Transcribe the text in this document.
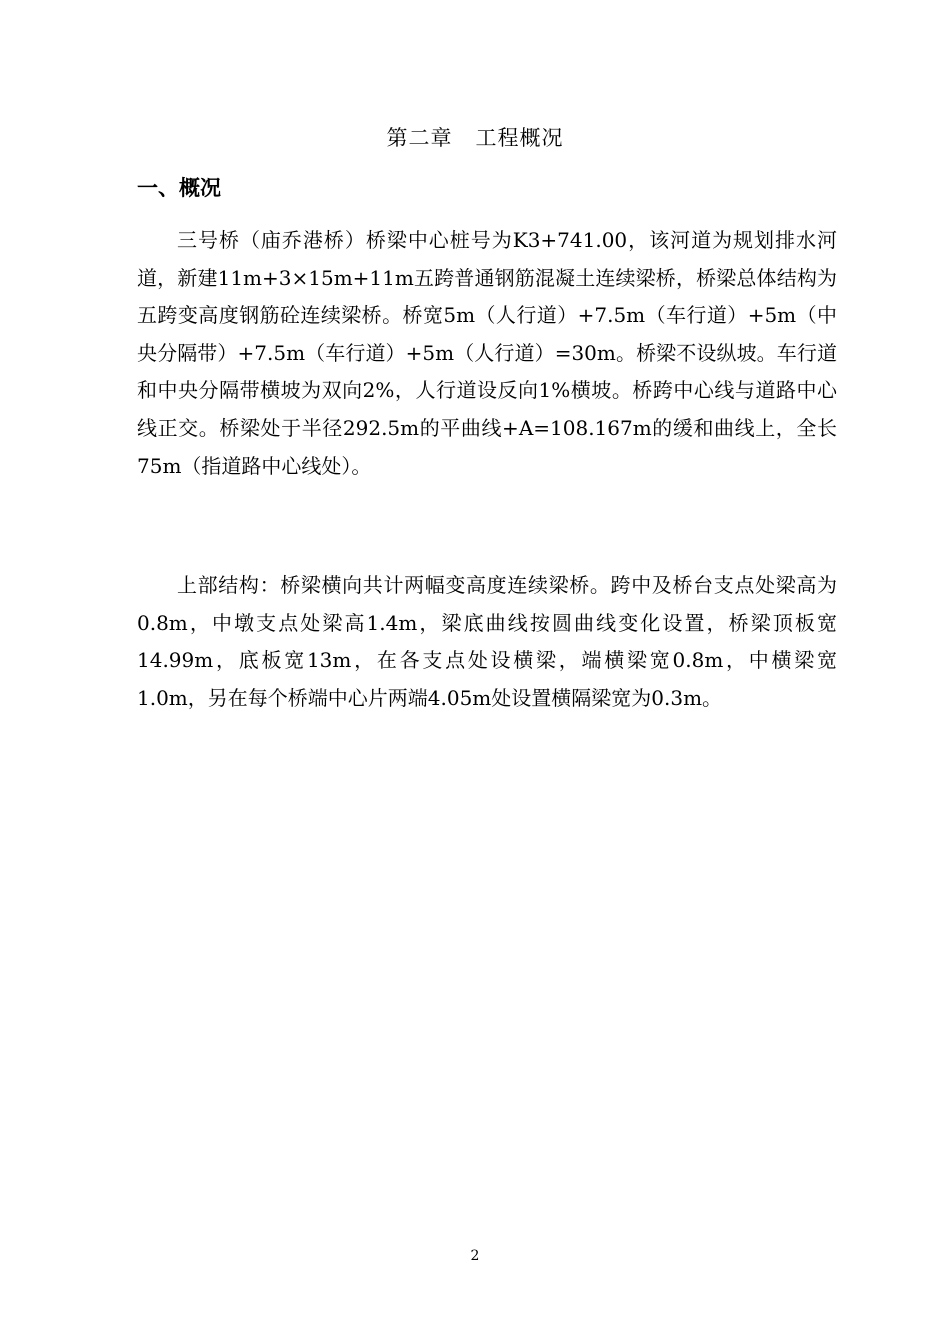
第二章   工程概况
一、概况

三号桥（庙乔港桥）桥梁中心桩号为K3+741.00，该河道为规划排水河道，新建11m+3×15m+11m五跨普通钢筋混凝土连续梁桥，桥梁总体结构为五跨变高度钢筋砼连续梁桥。桥宽5m（人行道）+7.5m（车行道）+5m（中央分隔带）+7.5m（车行道）+5m（人行道）=30m。桥梁不设纵坡。车行道和中央分隔带横坡为双向2%，人行道设反向1%横坡。桥跨中心线与道路中心线正交。桥梁处于半径292.5m的平曲线+A=108.167m的缓和曲线上，全长75m（指道路中心线处）。

上部结构：桥梁横向共计两幅变高度连续梁桥。跨中及桥台支点处梁高为0.8m，中墩支点处梁高1.4m，梁底曲线按圆曲线变化设置，桥梁顶板宽14.99m，底板宽13m，在各支点处设横梁，端横梁宽0.8m，中横梁宽1.0m，另在每个桥端中心片两端4.05m处设置横隔梁宽为0.3m。

2
